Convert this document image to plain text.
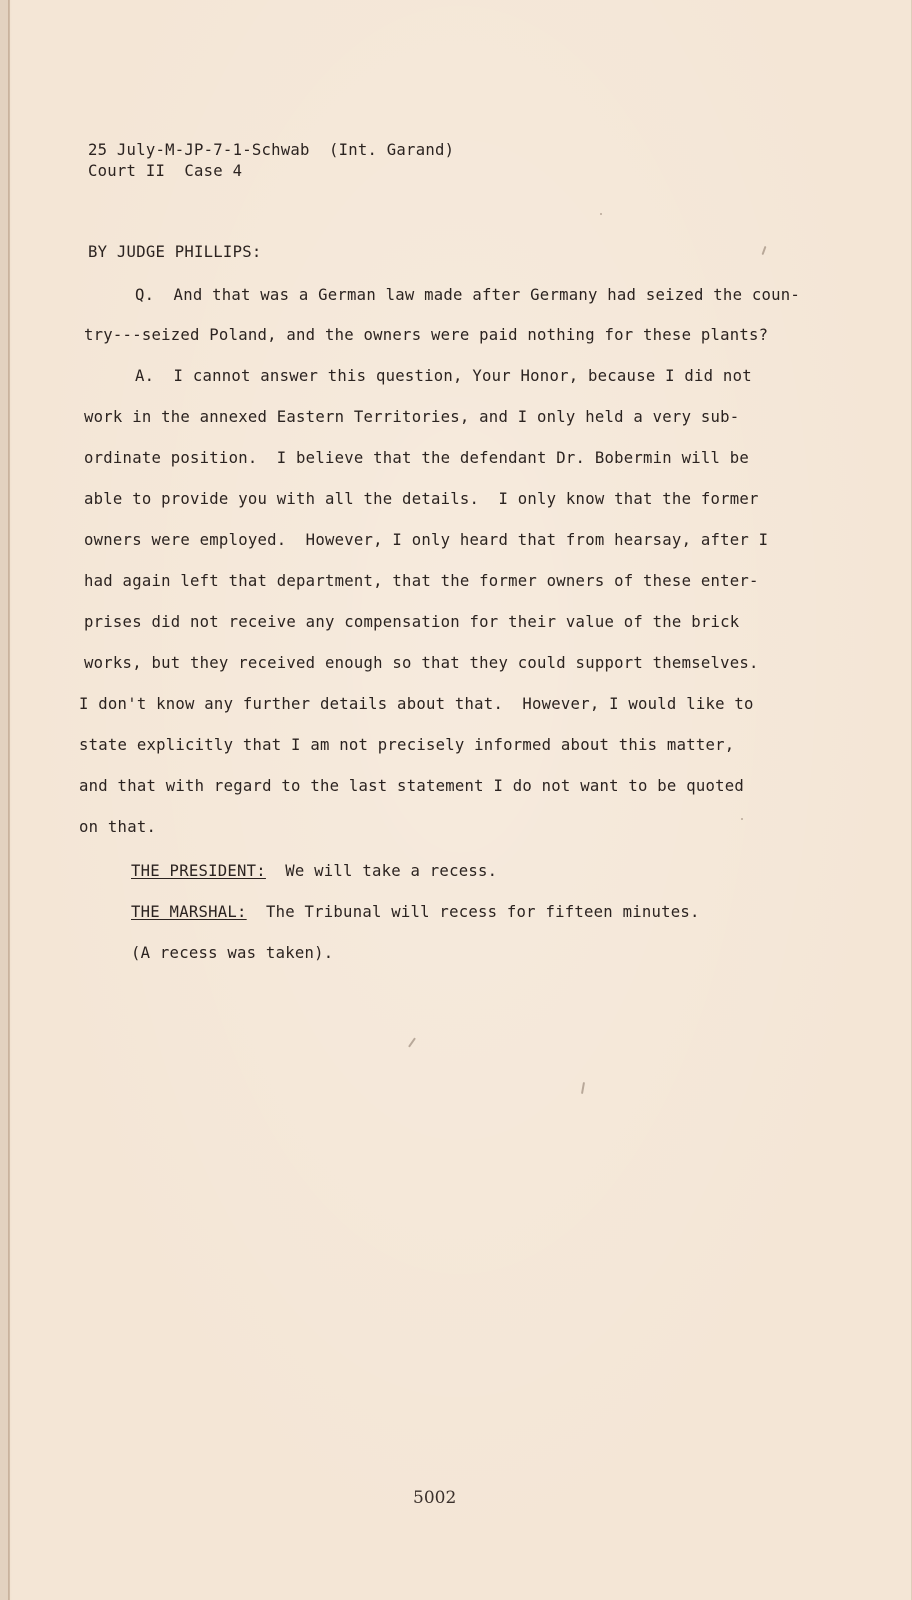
25 July-M-JP-7-1-Schwab  (Int. Garand)
Court II  Case 4
BY JUDGE PHILLIPS:
Q.  And that was a German law made after Germany had seized the coun-
try---seized Poland, and the owners were paid nothing for these plants?
A.  I cannot answer this question, Your Honor, because I did not
work in the annexed Eastern Territories, and I only held a very sub-
ordinate position.  I believe that the defendant Dr. Bobermin will be
able to provide you with all the details.  I only know that the former
owners were employed.  However, I only heard that from hearsay, after I
had again left that department, that the former owners of these enter-
prises did not receive any compensation for their value of the brick
works, but they received enough so that they could support themselves.
I don't know any further details about that.  However, I would like to
state explicitly that I am not precisely informed about this matter,
and that with regard to the last statement I do not want to be quoted
on that.
THE PRESIDENT:  We will take a recess.
THE MARSHAL:  The Tribunal will recess for fifteen minutes.
(A recess was taken).
5002
